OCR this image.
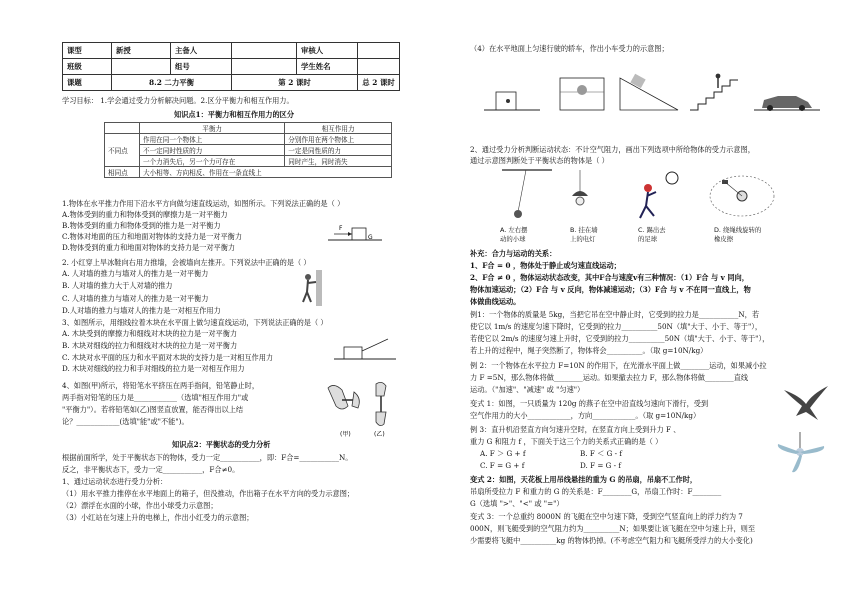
课型	新授	主备人		审核人	
班级		组号		学生姓名	
课题	8.2 二力平衡		第 2 课时		总 2 课时
学习目标： 1.学会通过受力分析解决问题。2.区分平衡力和相互作用力。
知识点1：平衡力和相互作用力的区分
	平衡力	相互作用力
不同点	作用在同一个物体上	分别作用在两个物体上
	不一定同时性质的力	一定是同性质的力
	一个力消失后，另一个力可存在	同时产生，同时消失
相同点	大小相等、方向相反、作用在一条直线上	
1.物体在水平推力作用下沿水平方向做匀速直线运动，如图所示。下列说法正确的是（ ）
A.物体受到的重力和物体受到的摩擦力是一对平衡力
B.物体受到的重力和物体受到的推力是一对平衡力
C.物体对地面的压力和地面对物体的支持力是一对平衡力
D.物体受到的重力和地面对物体的支持力是一对平衡力
F
G
2. 小红穿上旱冰鞋向右用力推墙，会被墙向左推开。下列说法中正确的是（ ）
A. 人对墙的推力与墙对人的推力是一对平衡力
B. 人对墙的推力大于人对墙的推力
C. 人对墙的推力与墙对人的推力是一对平衡力
D.人对墙的推力与墙对人的推力是一对相互作用力
3、如图所示，用细线拉着木块在水平面上做匀速直线运动，下列说法正确的是（ ）
A. 木块受到的摩擦力和细线对木块的拉力是一对平衡力
B. 木块对细线的拉力和细线对木块的拉力是一对平衡力
C. 木块对水平面的压力和水平面对木块的支持力是一对相互作用力
D. 木块对细线的拉力和手对细线的拉力是一对相互作用力
4、如图(甲)所示，将铅笔水平挤压在两手指间，铅笔静止时，
两手指对铅笔的压力是____________（选填"相互作用力"或
"平衡力"）。若将铅笔如(乙)图竖直放置，能否得出以上结
论？____________(选填"能"或"不能")。
(甲)	(乙)
知识点2：平衡状态的受力分析
根据前面所学，处于平衡状态下的物体，受力一定___________，即：F合=___________N。
反之，非平衡状态下，受力一定___________，F合≠0。
1、通过运动状态进行受力分析：
（1）用水平推力推停在水平地面上的箱子，但没推动，作出箱子在水平方向的受力示意图；
（2）漂浮在水面的小球，作出小球受力示意图；
（3）小红站在匀速上升的电梯上，作出小红受力的示意图；
（4）在水平地面上匀速行驶的轿车，作出小车受力的示意图；
2、通过受力分析判断运动状态：不计空气阻力，画出下列选项中所给物体的受力示意图，
通过示意图判断处于平衡状态的物体是（ ）
A. 左右摆
动的小球
B. 挂在墙
上的电灯
C. 踢出去
的足球
D. 绕绳线旋转的
橡皮擦
补充：合力与运动的关系：
1、F合 = 0 ，物体处于静止或匀速直线运动；
2、F合 ≠ 0 ，物体运动状态改变，其中F合与速度v有三种情况：（1）F合 与 v 同向，
物体加速运动；（2）F合 与 v 反向，物体减速运动；（3）F合 与 v 不在同一直线上，物
体做曲线运动。
例1：一个物体的质量是 5kg，当把它吊在空中静止时，它受到的拉力是___________N，若
使它以 1m/s 的速度匀速下降时，它受到的拉力__________50N（填"大于、小于、等于"），
若使它以 2m/s 的速度匀速上升时，它受到的拉力__________50N（填"大于、小于、等于"），
若上升的过程中，绳子突然断了，物体将会__________。（取 g=10N/kg）
例 2：一个物体在水平拉力 F=10N 的作用下，在光滑水平面上做________运动，如果减小拉
力 F =5N，那么物体将做________运动。如果撤去拉力 F，那么物体将做________直线
运动。（"加速"、"减速" 或 "匀速"）
变式 1：如图，一只质量为 120g 的燕子在空中沿直线匀速向下滑行，受到
空气作用力的大小____________，方向____________。（取 g=10N/kg）
例 3：直升机沿竖直方向匀速升空时，在竖直方向上受到升力 F 、
重力 G 和阻力 f ，下面关于这三个力的关系式正确的是（ ）
A. F ＞ G + f	B. F ＜ G - f
C. F = G + f	D. F = G - f
变式 2：如图，天花板上用吊线悬挂的重为 G 的吊扇，吊扇不工作时，
吊扇所受拉力 F 和重力的 G 的关系是：F________G，吊扇工作时：F________
G（选填 ">"、"<" 或 "="）
变式 3：一个总重约 8000N 的飞艇在空中匀速下降，受到空气竖直向上的浮力约为 7
000N，则飞艇受到的空气阻力约为__________N；如果要让该飞艇在空中匀速上升，则至
少需要将飞艇中__________kg 的物体扔掉。(不考虑空气阻力和飞艇所受浮力的大小变化)
